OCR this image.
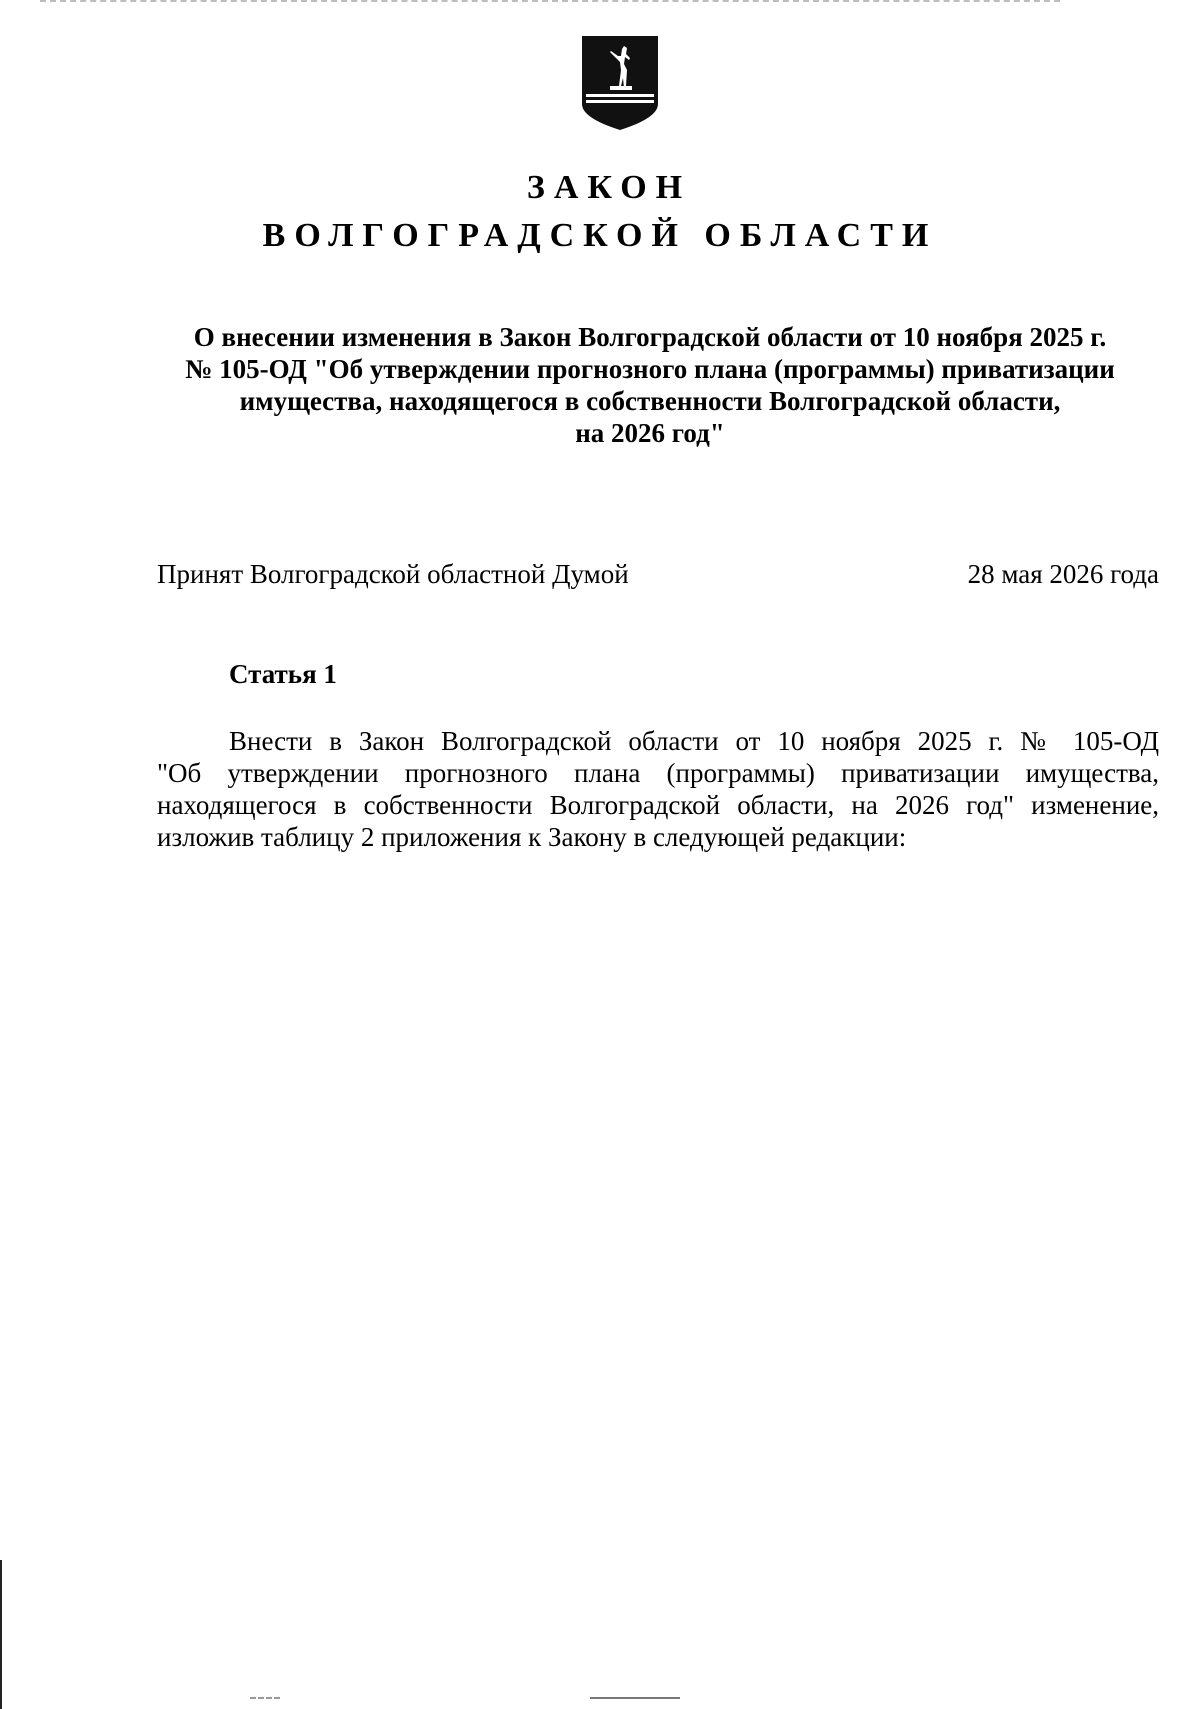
ЗАКОН
ВОЛГОГРАДСКОЙ ОБЛАСТИ
О внесении изменения в Закон Волгоградской области от 10 ноября 2025 г.
№ 105-ОД "Об утверждении прогнозного плана (программы) приватизации
имущества, находящегося в собственности Волгоградской области,
на 2026 год"
Принят Волгоградской областной Думой	28 мая 2026 года
Статья 1
Внести в Закон Волгоградской области от 10 ноября 2025 г. № 105-ОД
"Об утверждении прогнозного плана (программы) приватизации имущества,
находящегося в собственности Волгоградской области, на 2026 год" изменение,
изложив таблицу 2 приложения к Закону в следующей редакции:
